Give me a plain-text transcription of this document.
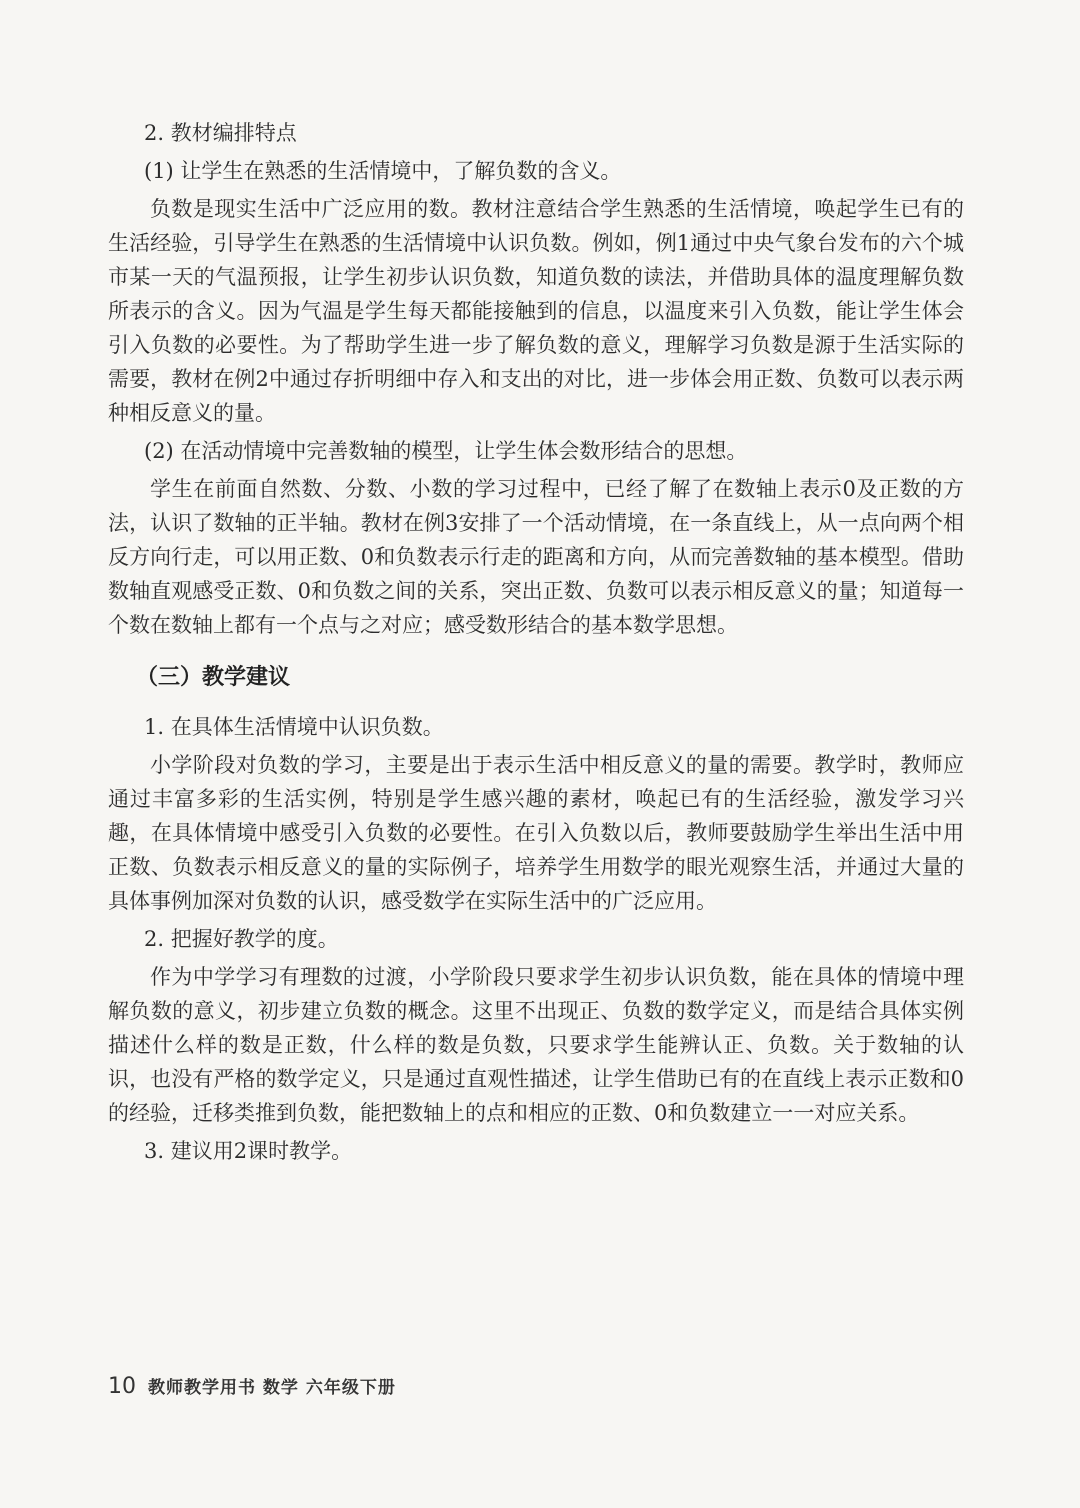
2. 教材编排特点

(1) 让学生在熟悉的生活情境中，了解负数的含义。

负数是现实生活中广泛应用的数。教材注意结合学生熟悉的生活情境，唤起学生已有的生活经验，引导学生在熟悉的生活情境中认识负数。例如，例1通过中央气象台发布的六个城市某一天的气温预报，让学生初步认识负数，知道负数的读法，并借助具体的温度理解负数所表示的含义。因为气温是学生每天都能接触到的信息，以温度来引入负数，能让学生体会引入负数的必要性。为了帮助学生进一步了解负数的意义，理解学习负数是源于生活实际的需要，教材在例2中通过存折明细中存入和支出的对比，进一步体会用正数、负数可以表示两种相反意义的量。

(2) 在活动情境中完善数轴的模型，让学生体会数形结合的思想。

学生在前面自然数、分数、小数的学习过程中，已经了解了在数轴上表示0及正数的方法，认识了数轴的正半轴。教材在例3安排了一个活动情境，在一条直线上，从一点向两个相反方向行走，可以用正数、0和负数表示行走的距离和方向，从而完善数轴的基本模型。借助数轴直观感受正数、0和负数之间的关系，突出正数、负数可以表示相反意义的量；知道每一个数在数轴上都有一个点与之对应；感受数形结合的基本数学思想。

（三）教学建议

1. 在具体生活情境中认识负数。

小学阶段对负数的学习，主要是出于表示生活中相反意义的量的需要。教学时，教师应通过丰富多彩的生活实例，特别是学生感兴趣的素材，唤起已有的生活经验，激发学习兴趣，在具体情境中感受引入负数的必要性。在引入负数以后，教师要鼓励学生举出生活中用正数、负数表示相反意义的量的实际例子，培养学生用数学的眼光观察生活，并通过大量的具体事例加深对负数的认识，感受数学在实际生活中的广泛应用。

2. 把握好教学的度。

作为中学学习有理数的过渡，小学阶段只要求学生初步认识负数，能在具体的情境中理解负数的意义，初步建立负数的概念。这里不出现正、负数的数学定义，而是结合具体实例描述什么样的数是正数，什么样的数是负数，只要求学生能辨认正、负数。关于数轴的认识，也没有严格的数学定义，只是通过直观性描述，让学生借助已有的在直线上表示正数和0的经验，迁移类推到负数，能把数轴上的点和相应的正数、0和负数建立一一对应关系。

3. 建议用2课时教学。

10 教师教学用书 数学 六年级下册
